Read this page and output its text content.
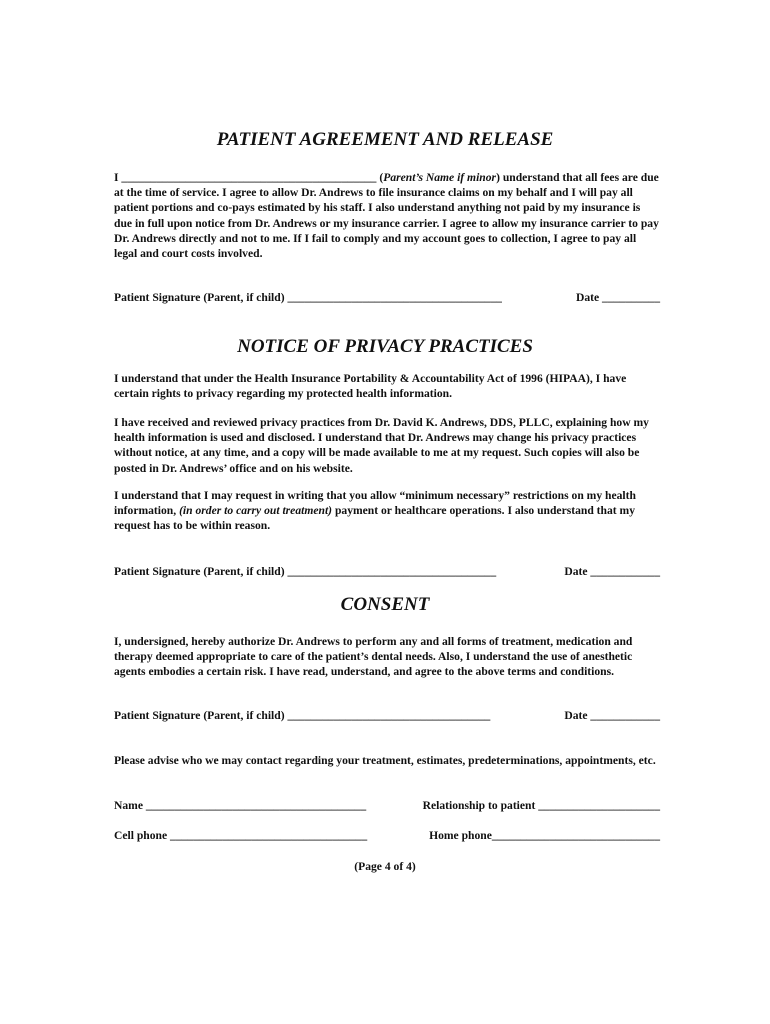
PATIENT AGREEMENT AND RELEASE

I ____________________________________________ (Parent’s Name if minor) understand that all fees are due at the time of service. I agree to allow Dr. Andrews to file insurance claims on my behalf and I will pay all patient portions and co-pays estimated by his staff. I also understand anything not paid by my insurance is due in full upon notice from Dr. Andrews or my insurance carrier. I agree to allow my insurance carrier to pay Dr. Andrews directly and not to me. If I fail to comply and my account goes to collection, I agree to pay all legal and court costs involved.

Patient Signature (Parent, if child) _____________________________________

	Date __________

NOTICE OF PRIVACY PRACTICES

I understand that under the Health Insurance Portability & Accountability Act of 1996 (HIPAA), I have certain rights to privacy regarding my protected health information.

I have received and reviewed privacy practices from Dr. David K. Andrews, DDS, PLLC, explaining how my health information is used and disclosed. I understand that Dr. Andrews may change his privacy practices without notice, at any time, and a copy will be made available to me at my request. Such copies will also be posted in Dr. Andrews’ office and on his website.

I understand that I may request in writing that you allow “minimum necessary” restrictions on my health information, (in order to carry out treatment) payment or healthcare operations. I also understand that my request has to be within reason.

Patient Signature (Parent, if child) ____________________________________

	Date ____________

CONSENT

I, undersigned, hereby authorize Dr. Andrews to perform any and all forms of treatment, medication and therapy deemed appropriate to care of the patient’s dental needs. Also, I understand the use of anesthetic agents embodies a certain risk. I have read, understand, and agree to the above terms and conditions.

Patient Signature (Parent, if child) ___________________________________

	Date ____________

Please advise who we may contact regarding your treatment, estimates, predeterminations, appointments, etc.

Name ______________________________________

	Relationship to patient _____________________

Cell phone __________________________________

	Home phone_____________________________

(Page 4 of 4)
